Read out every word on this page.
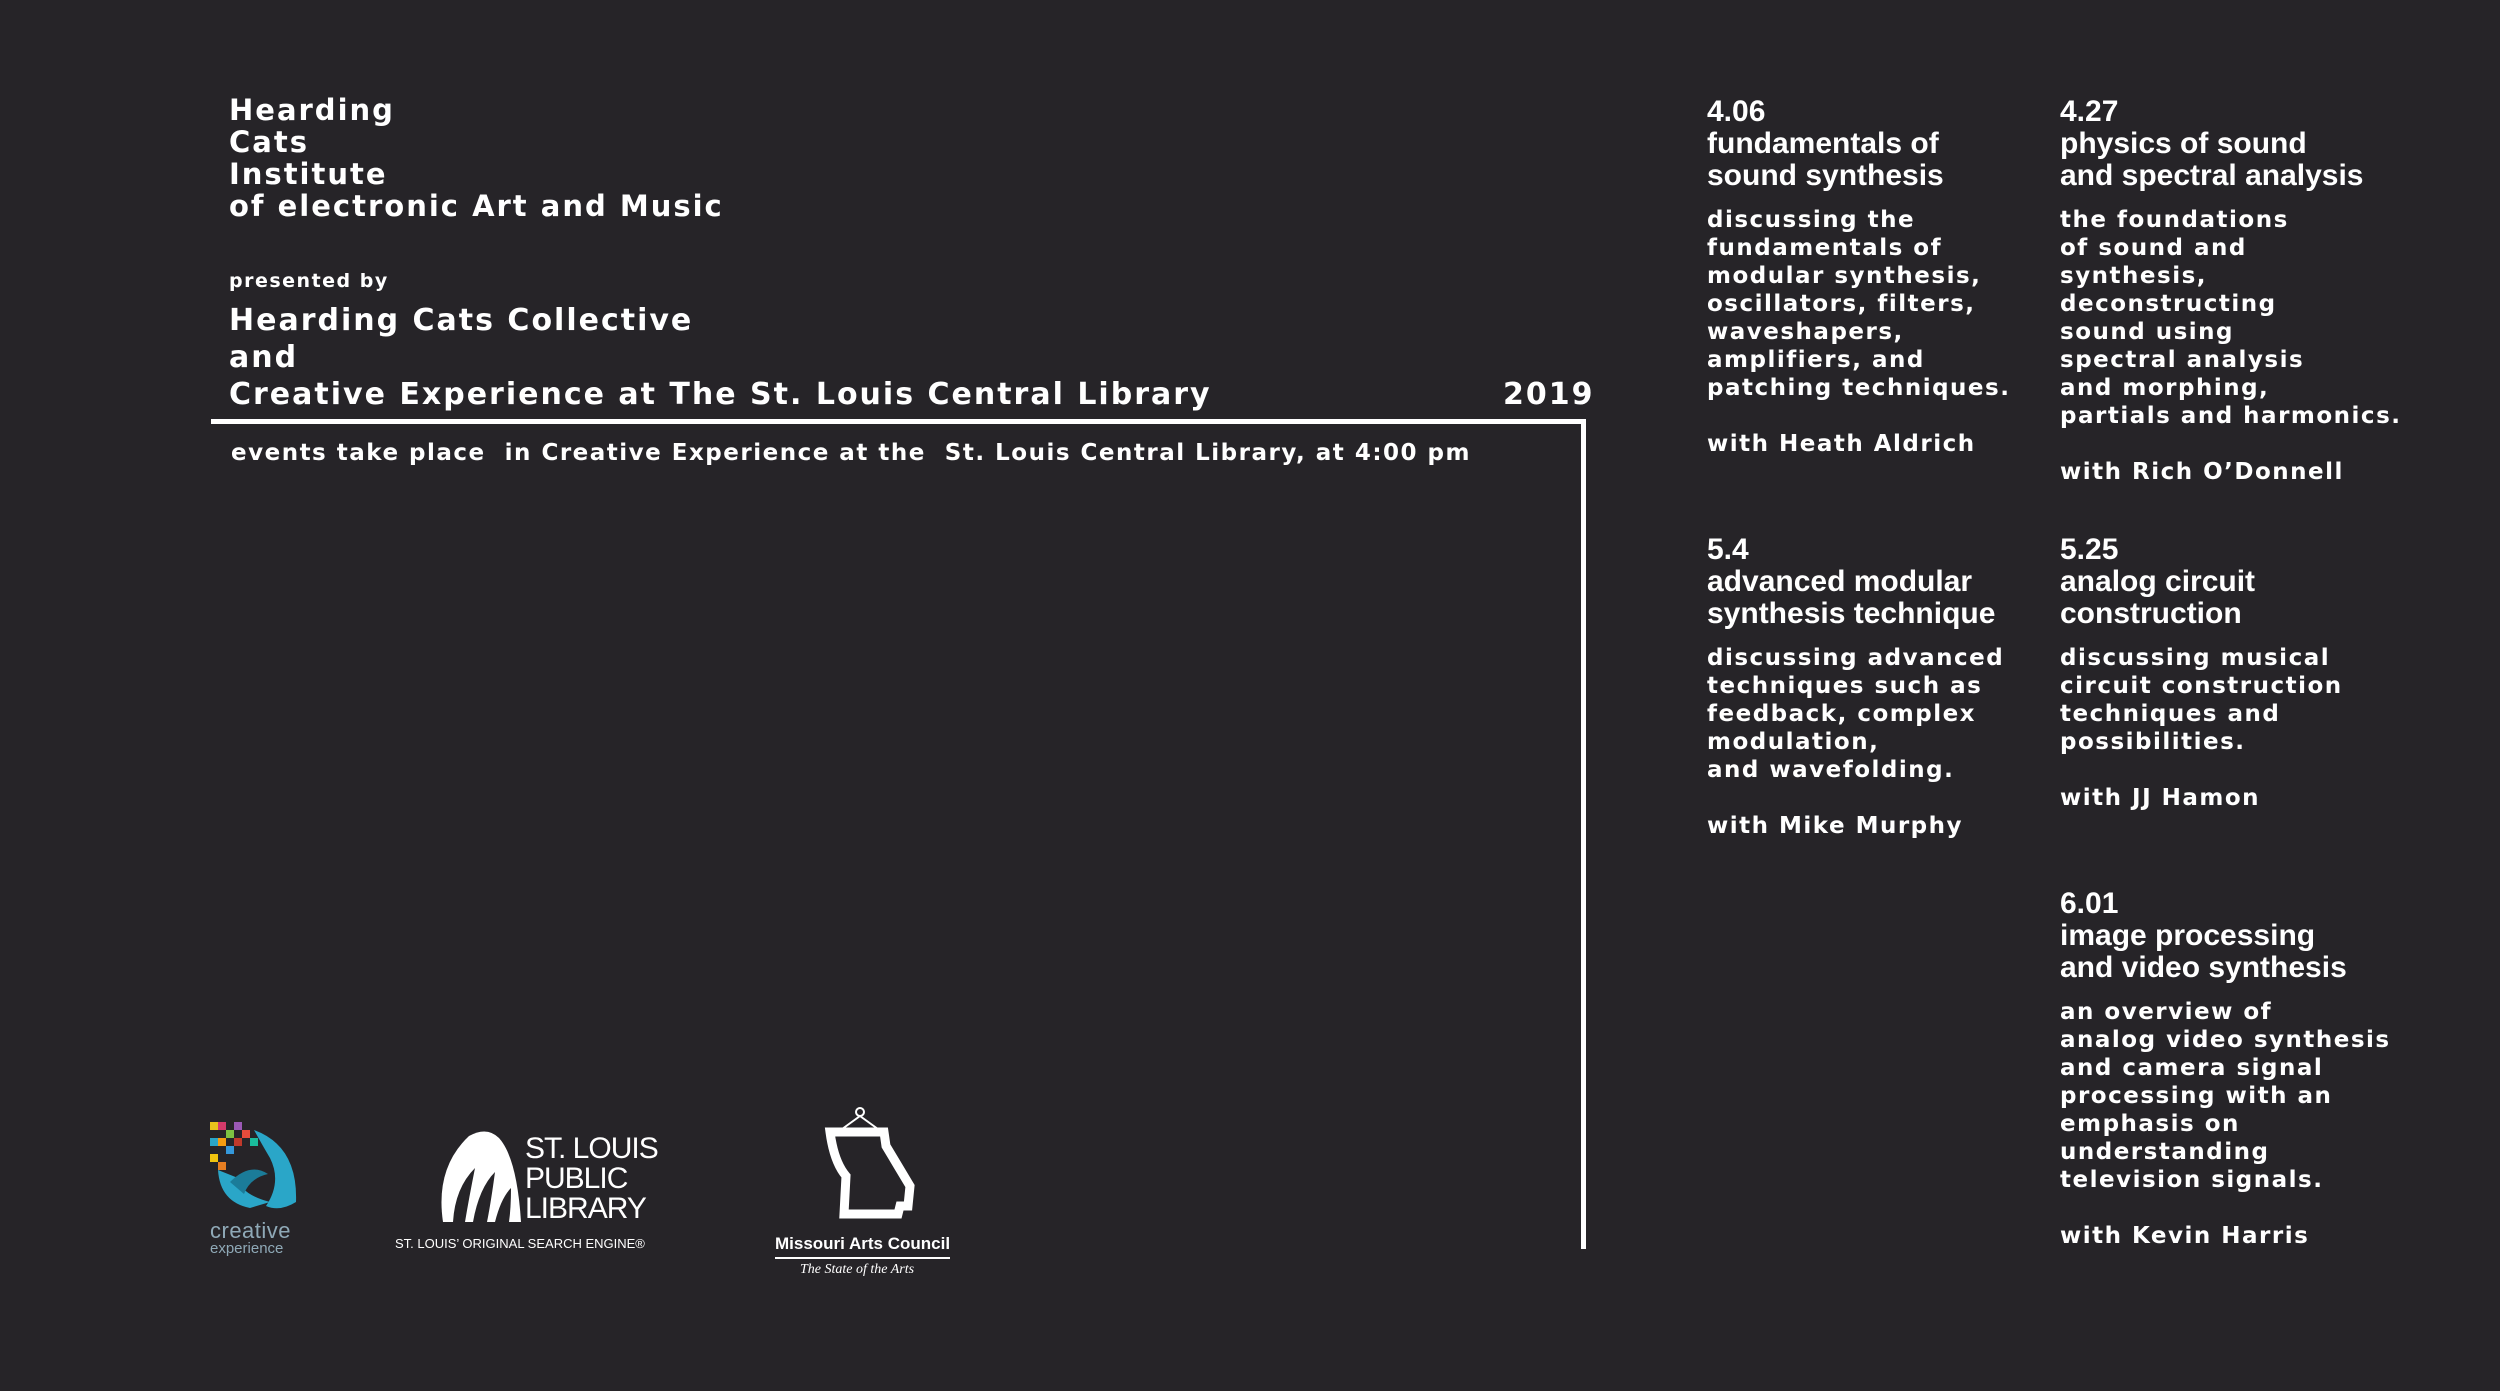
Hearding
Cats
Institute
of electronic Art and Music
presented by
Hearding Cats Collective
and
Creative Experience at The St. Louis Central Library	2019
events take place  in Creative Experience at the  St. Louis Central Library, at 4:00 pm
4.06
fundamentals of
sound synthesis
discussing the
fundamentals of
modular synthesis,
oscillators, filters,
waveshapers,
amplifiers, and
patching techniques.
with Heath Aldrich
4.27
physics of sound
and spectral analysis
the foundations
of sound and
synthesis,
deconstructing
sound using
spectral analysis
and morphing,
partials and harmonics.
with Rich O’Donnell
5.4
advanced modular
synthesis technique
discussing advanced
techniques such as
feedback, complex
modulation,
and wavefolding.
with Mike Murphy
5.25
analog circuit
construction
discussing musical
circuit construction
techniques and
possibilities.
with JJ Hamon
6.01
image processing
and video synthesis
an overview of
analog video synthesis
and camera signal
processing with an
emphasis on
understanding
television signals.
with Kevin Harris
creative
experience
ST. LOUIS
PUBLIC
LIBRARY
ST. LOUIS’ ORIGINAL SEARCH ENGINE®	Missouri Arts Council
The State of the Arts
